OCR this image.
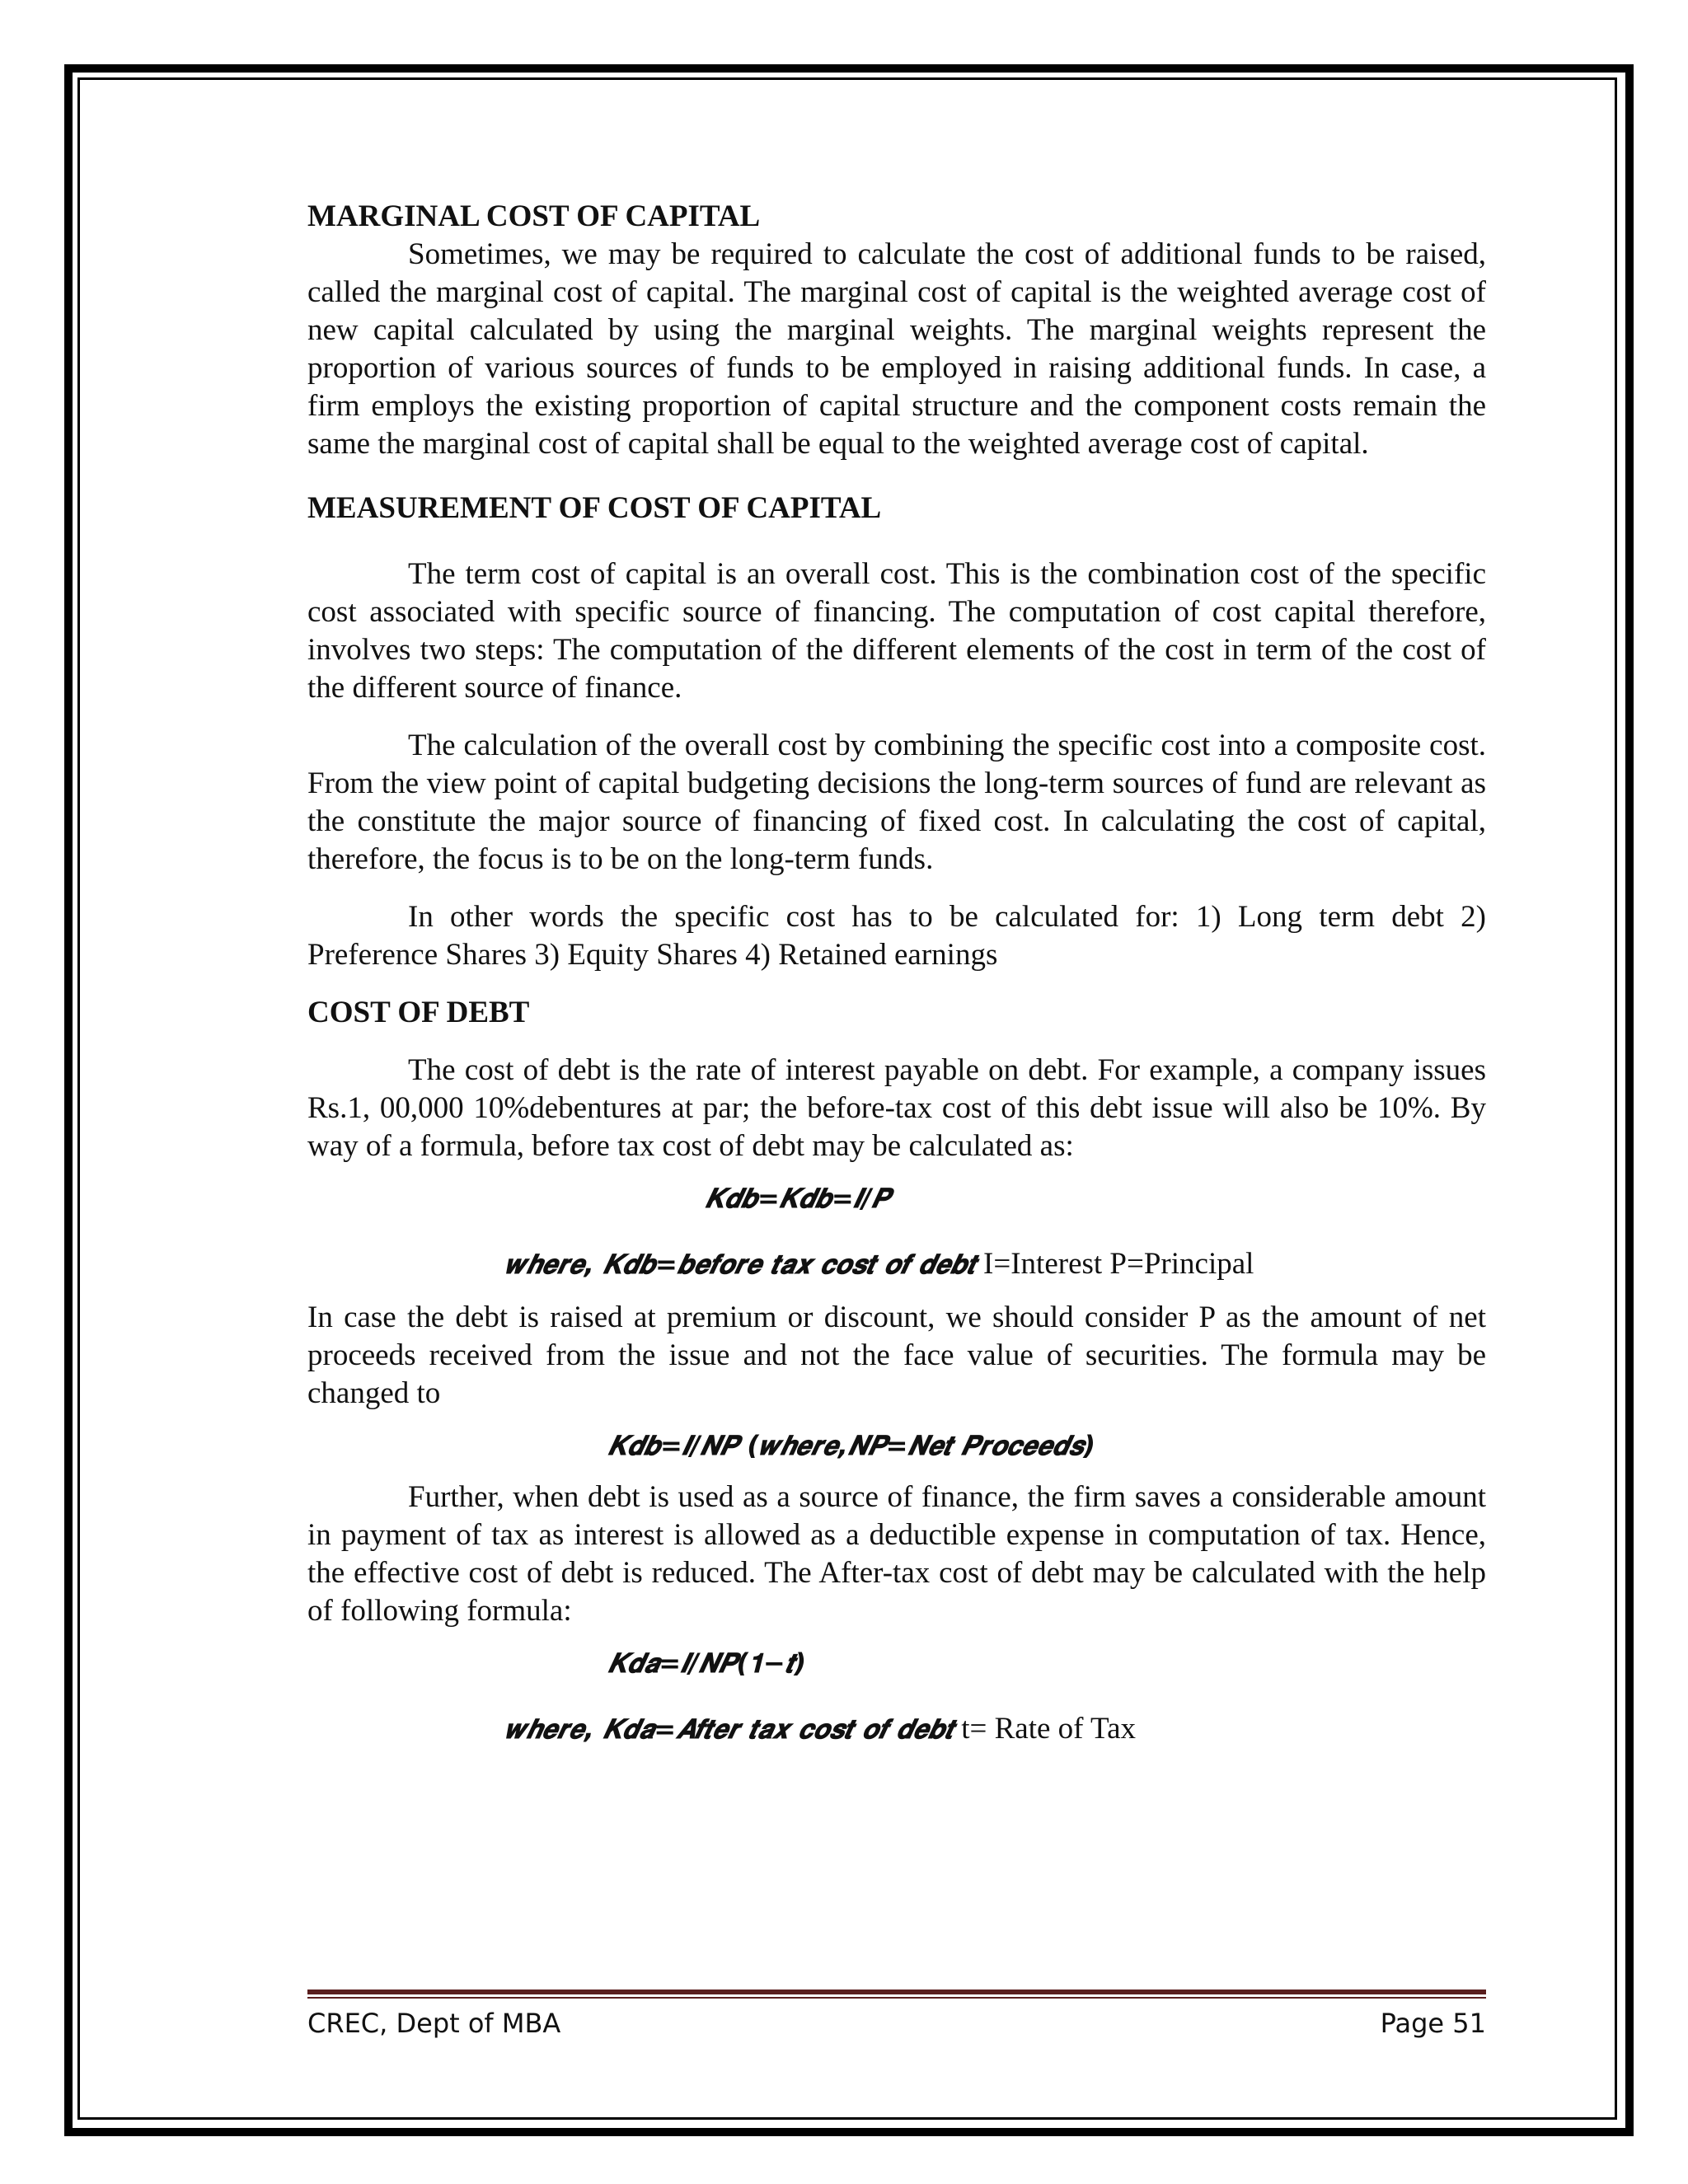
MARGINAL COST OF CAPITAL

Sometimes, we may be required to calculate the cost of additional funds to be raised, called the marginal cost of capital. The marginal cost of capital is the weighted average cost of new capital calculated by using the marginal weights. The marginal weights represent the proportion of various sources of funds to be employed in raising additional funds. In case, a firm employs the existing proportion of capital structure and the component costs remain the same the marginal cost of capital shall be equal to the weighted average cost of capital.

MEASUREMENT OF COST OF CAPITAL

The term cost of capital is an overall cost. This is the combination cost of the specific cost associated with specific source of financing. The computation of cost capital therefore, involves two steps: The computation of the different elements of the cost in term of the cost of the different source of finance.

The calculation of the overall cost by combining the specific cost into a composite cost. From the view point of capital budgeting decisions the long-term sources of fund are relevant as the constitute the major source of financing of fixed cost. In calculating the cost of capital, therefore, the focus is to be on the long-term funds.

In other words the specific cost has to be calculated for: 1) Long term debt 2) Preference Shares 3) Equity Shares 4) Retained earnings

COST OF DEBT

The cost of debt is the rate of interest payable on debt. For example, a company issues Rs.1, 00,000 10%debentures at par; the before-tax cost of this debt issue will also be 10%. By way of a formula, before tax cost of debt may be calculated as:

𝑲𝒅𝒃=𝑲𝒅𝒃=𝑰/𝑷

𝒘𝒉𝒆𝒓𝒆, 𝑲𝒅𝒃=𝒃𝒆𝒇𝒐𝒓𝒆 𝒕𝒂𝒙 𝒄𝒐𝒔𝒕 𝒐𝒇 𝒅𝒆𝒃𝒕 I=Interest P=Principal

In case the debt is raised at premium or discount, we should consider P as the amount of net proceeds received from the issue and not the face value of securities. The formula may be changed to

𝑲𝒅𝒃=𝑰/𝑵𝑷 (𝒘𝒉𝒆𝒓𝒆,𝑵𝑷=𝑵𝒆𝒕 𝑷𝒓𝒐𝒄𝒆𝒆𝒅𝒔)

Further, when debt is used as a source of finance, the firm saves a considerable amount in payment of tax as interest is allowed as a deductible expense in computation of tax. Hence, the effective cost of debt is reduced. The After-tax cost of debt may be calculated with the help of following formula:

𝑲𝒅𝒂=𝑰/𝑵𝑷(𝟏−𝒕)

𝒘𝒉𝒆𝒓𝒆, 𝑲𝒅𝒂=𝑨𝒇𝒕𝒆𝒓 𝒕𝒂𝒙 𝒄𝒐𝒔𝒕 𝒐𝒇 𝒅𝒆𝒃𝒕 t= Rate of Tax

CREC, Dept of MBA	Page 51
